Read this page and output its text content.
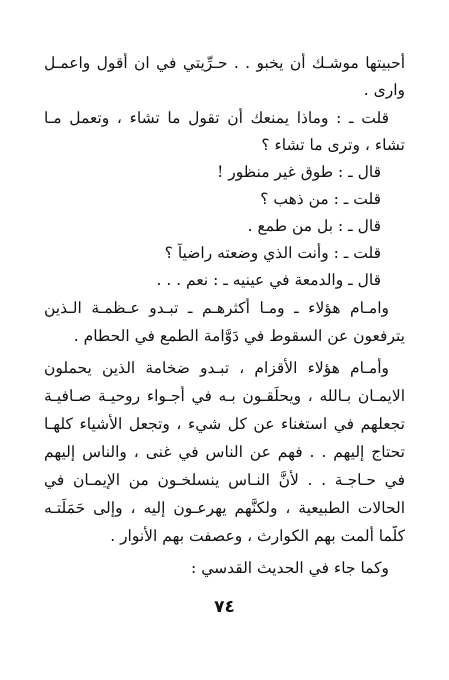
أحبيتها موشـك أن يخبو . . حـرِّيتي في ان أقول واعمـل
وارى .
قلت ـ : وماذا يمنعك أن تقول ما تشاء ، وتعمل مـا
تشاء ، وترى ما تشاء ؟
قال ـ : طوق غير منظور !
قلت ـ : من ذهب ؟
قال ـ : بل من طمع .
قلت ـ : وأنت الذي وضعته راضياً ؟
قال ـ والدمعة في عينيه ـ : نعم . . .
وامـام هؤلاء ـ ومـا أكثرهـم ـ تبـدو عـظمـة الـذين
يترفعون عن السقوط في دَوَّامة الطمع في الحطام .
وأمـام هؤلاء الأقزام ، تبـدو ضخامة الذين يحملون
الايمـان بـالله ، ويحلِّقـون بـه في أجـواء روحيـة صـافيـة
تجعلهم في استغناء عن كل شيء ، وتجعل الأشياء كلهـا
تحتاج إليهم . . فهم عن الناس في غنى ، والناس إليهم
في حـاجـة . . لأنَّ النـاس ينسلخـون من الإيمـان في
الحالات الطبيعية ، ولكنَّهم يهرعـون إليه ، وإلى حَمَلَتـه
كلَّما ألمت بهم الكوارث ، وعصفت بهم الأنوار .
وكما جاء في الحديث القدسي :
٧٤
